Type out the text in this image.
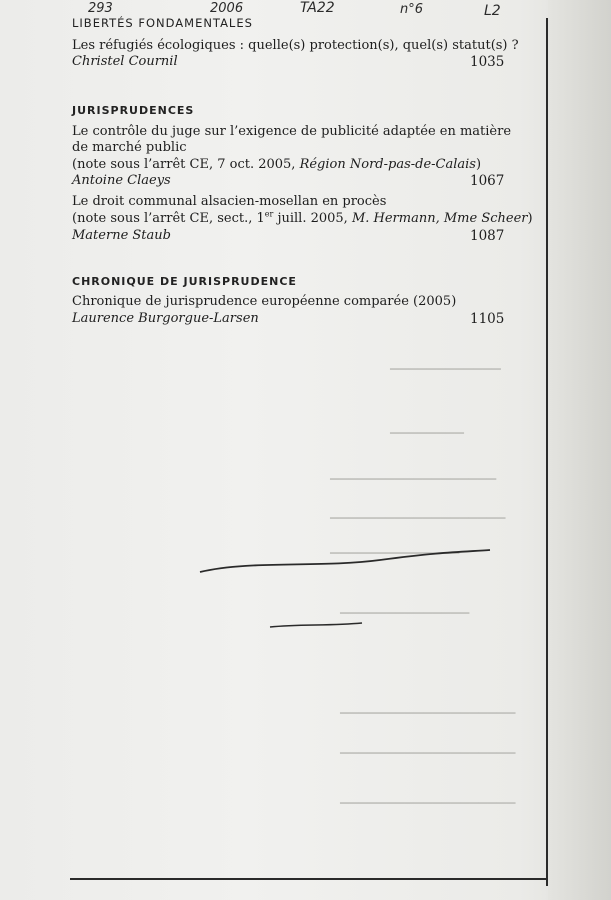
▁▁▁▁▁▁▁▁▁▁▁▁
▁▁▁▁▁▁▁▁
▁▁▁▁▁▁▁▁▁▁▁▁▁▁▁▁▁▁
▁▁▁▁▁▁▁▁▁▁▁▁▁▁▁▁▁▁▁
▁▁▁▁▁▁▁▁▁▁▁▁▁▁
▁▁▁▁▁▁▁▁▁▁▁▁▁▁
▁▁▁▁▁▁▁▁▁▁▁▁▁▁▁▁▁▁▁
▁▁▁▁▁▁▁▁▁▁▁▁▁▁▁▁▁▁▁
▁▁▁▁▁▁▁▁▁▁▁▁▁▁▁▁▁▁▁
293	2006	TA22	n°6	L2
LIBERTÉS FONDAMENTALES
Les réfugiés écologiques : quelle(s) protection(s), quel(s) statut(s) ?
Christel Cournil	1035
JURISPRUDENCES
Le contrôle du juge sur l’exigence de publicité adaptée en matière
de marché public
(note sous l’arrêt CE, 7 oct. 2005, Région Nord-pas-de-Calais)
Antoine Claeys	1067
Le droit communal alsacien-mosellan en procès
(note sous l’arrêt CE, sect., 1er juill. 2005, M. Hermann, Mme Scheer)
Materne Staub	1087
CHRONIQUE DE JURISPRUDENCE
Chronique de jurisprudence européenne comparée (2005)
Laurence Burgorgue-Larsen	1105
